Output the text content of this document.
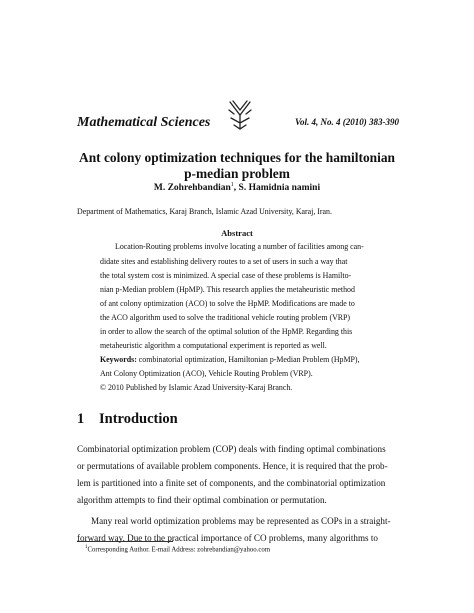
Mathematical Sciences	Vol. 4, No. 4 (2010) 383-390
Ant colony optimization techniques for the hamiltonian
p-median problem
M. Zohrehbandian$^1$, S. Hamidnia namini
Department of Mathematics, Karaj Branch, Islamic Azad University, Karaj, Iran.
Abstract
Location-Routing problems involve locating a number of facilities among can-
didate sites and establishing delivery routes to a set of users in such a way that
the total system cost is minimized. A special case of these problems is Hamilto-
nian p-Median problem (HpMP). This research applies the metaheuristic method
of ant colony optimization (ACO) to solve the HpMP. Modifications are made to
the ACO algorithm used to solve the traditional vehicle routing problem (VRP)
in order to allow the search of the optimal solution of the HpMP. Regarding this
metaheuristic algorithm a computational experiment is reported as well.
Keywords: combinatorial optimization, Hamiltonian p-Median Problem (HpMP),
Ant Colony Optimization (ACO), Vehicle Routing Problem (VRP).
© 2010 Published by Islamic Azad University-Karaj Branch.
1 Introduction
Combinatorial optimization problem (COP) deals with finding optimal combinations
or permutations of available problem components. Hence, it is required that the prob-
lem is partitioned into a finite set of components, and the combinatorial optimization
algorithm attempts to find their optimal combination or permutation.
Many real world optimization problems may be represented as COPs in a straight-
forward way. Due to the practical importance of CO problems, many algorithms to
$^1$Corresponding Author. E-mail Address: zohrebandian@yahoo.com
